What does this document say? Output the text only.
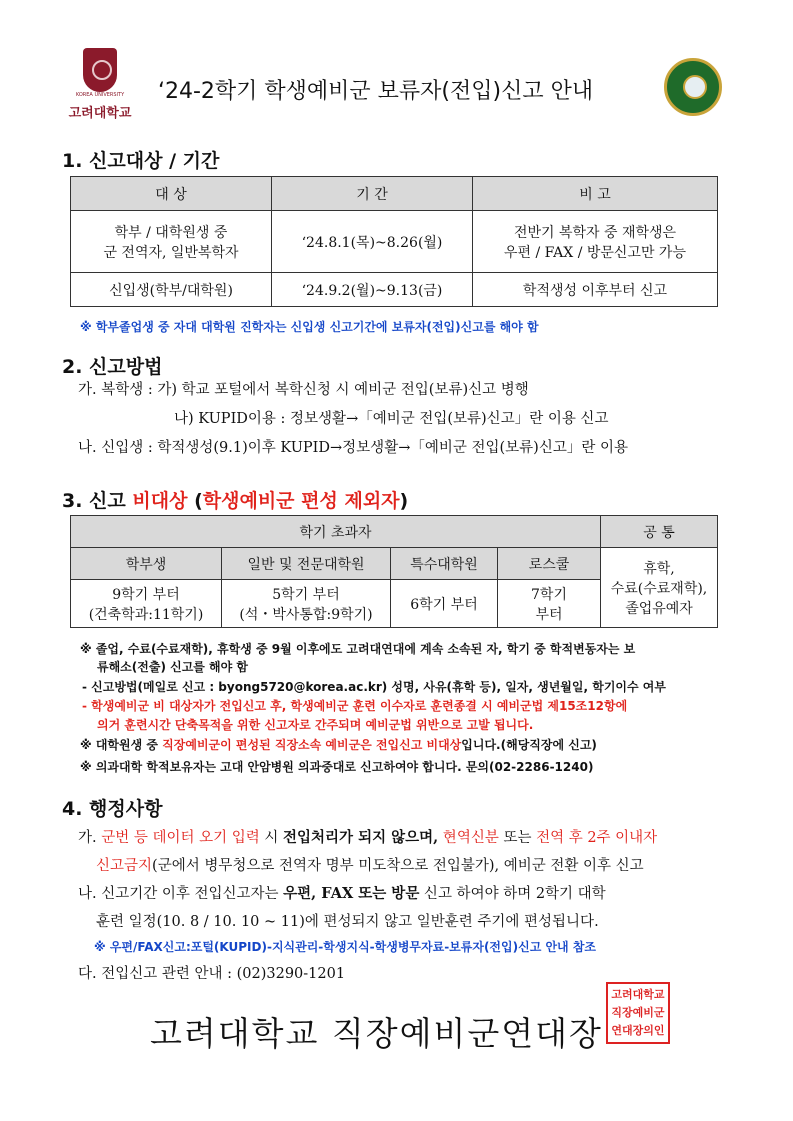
KOREA UNIVERSITY
고려대학교
‘24-2학기 학생예비군 보류자(전입)신고 안내
1. 신고대상 / 기간
대 상	기 간	비 고
학부 / 대학원생 중
군 전역자, 일반복학자	‘24.8.1(목)~8.26(월)	전반기 복학자 중 재학생은
우편 / FAX / 방문신고만 가능
신입생(학부/대학원)	‘24.9.2(월)~9.13(금)	학적생성 이후부터 신고
※ 학부졸업생 중 자대 대학원 진학자는 신입생 신고기간에 보류자(전입)신고를 해야 함
2. 신고방법
가. 복학생 : 가) 학교 포털에서 복학신청 시 예비군 전입(보류)신고 병행
나) KUPID이용 : 정보생활→「예비군 전입(보류)신고」란 이용 신고
나. 신입생 : 학적생성(9.1)이후 KUPID→정보생활→「예비군 전입(보류)신고」란 이용
3. 신고 비대상 (학생예비군 편성 제외자)
학기 초과자				공 통
학부생	일반 및 전문대학원	특수대학원	로스쿨	휴학,
수료(수료재학),
졸업유예자
9학기 부터
(건축학과:11학기)	5학기 부터
(석・박사통합:9학기)	6학기 부터	7학기
부터	
※ 졸업, 수료(수료재학), 휴학생 중 9월 이후에도 고려대연대에 계속 소속된 자, 학기 중 학적변동자는 보
류해소(전출) 신고를 해야 함
- 신고방법(메일로 신고 : byong5720@korea.ac.kr) 성명, 사유(휴학 등), 일자, 생년월일, 학기이수 여부
- 학생예비군 비 대상자가 전입신고 후, 학생예비군 훈련 이수자로 훈련종결 시 예비군법 제15조12항에
의거 훈련시간 단축목적을 위한 신고자로 간주되며 예비군법 위반으로 고발 됩니다.
※ 대학원생 중 직장예비군이 편성된 직장소속 예비군은 전입신고 비대상입니다.(해당직장에 신고)
※ 의과대학 학적보유자는 고대 안암병원 의과중대로 신고하여야 합니다. 문의(02-2286-1240)
4. 행정사항
가. 군번 등 데이터 오기 입력 시 전입처리가 되지 않으며, 현역신분 또는 전역 후 2주 이내자
신고금지(군에서 병무청으로 전역자 명부 미도착으로 전입불가), 예비군 전환 이후 신고
나. 신고기간 이후 전입신고자는 우편, FAX 또는 방문 신고 하여야 하며 2학기 대학
훈련 일정(10. 8 / 10. 10 ~ 11)에 편성되지 않고 일반훈련 주기에 편성됩니다.
※ 우편/FAX신고:포털(KUPID)-지식관리-학생지식-학생병무자료-보류자(전입)신고 안내 참조
다. 전입신고 관련 안내 : (02)3290-1201
고려대학교 직장예비군연대장
고려대학교
직장예비군
연대장의인
